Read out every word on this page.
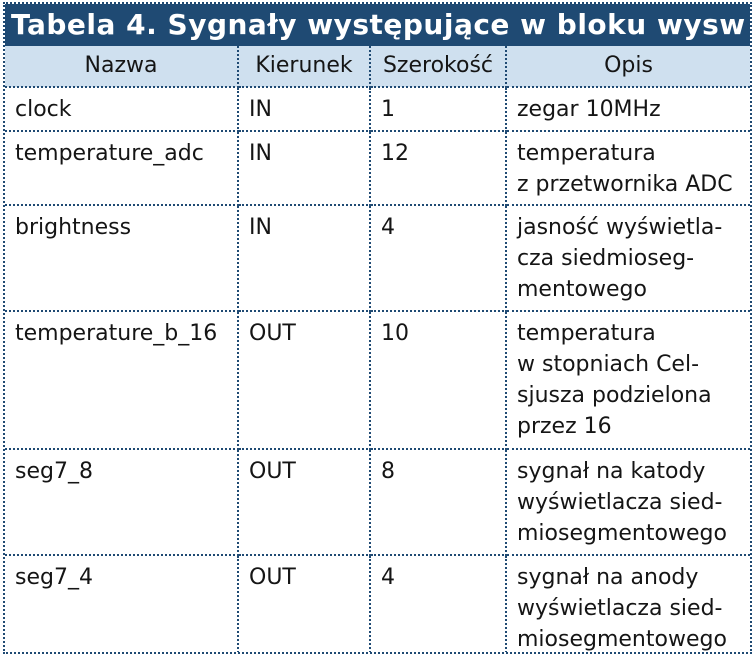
Tabela 4. Sygnały występujące w bloku wysw
Nazwa	Kierunek	Szerokość	Opis
clock	IN	1	zegar 10MHz

temperature_adc	IN	12	temperatura
z przetwornika ADC

brightness	IN	4	jasność wyświetla-
cza siedmioseg-
mentowego

temperature_b_16	OUT	10	temperatura
w stopniach Cel-
sjusza podzielona
przez 16

seg7_8	OUT	8	sygnał na katody
wyświetlacza sied-
miosegmentowego

seg7_4	OUT	4	sygnał na anody
wyświetlacza sied-
miosegmentowego
